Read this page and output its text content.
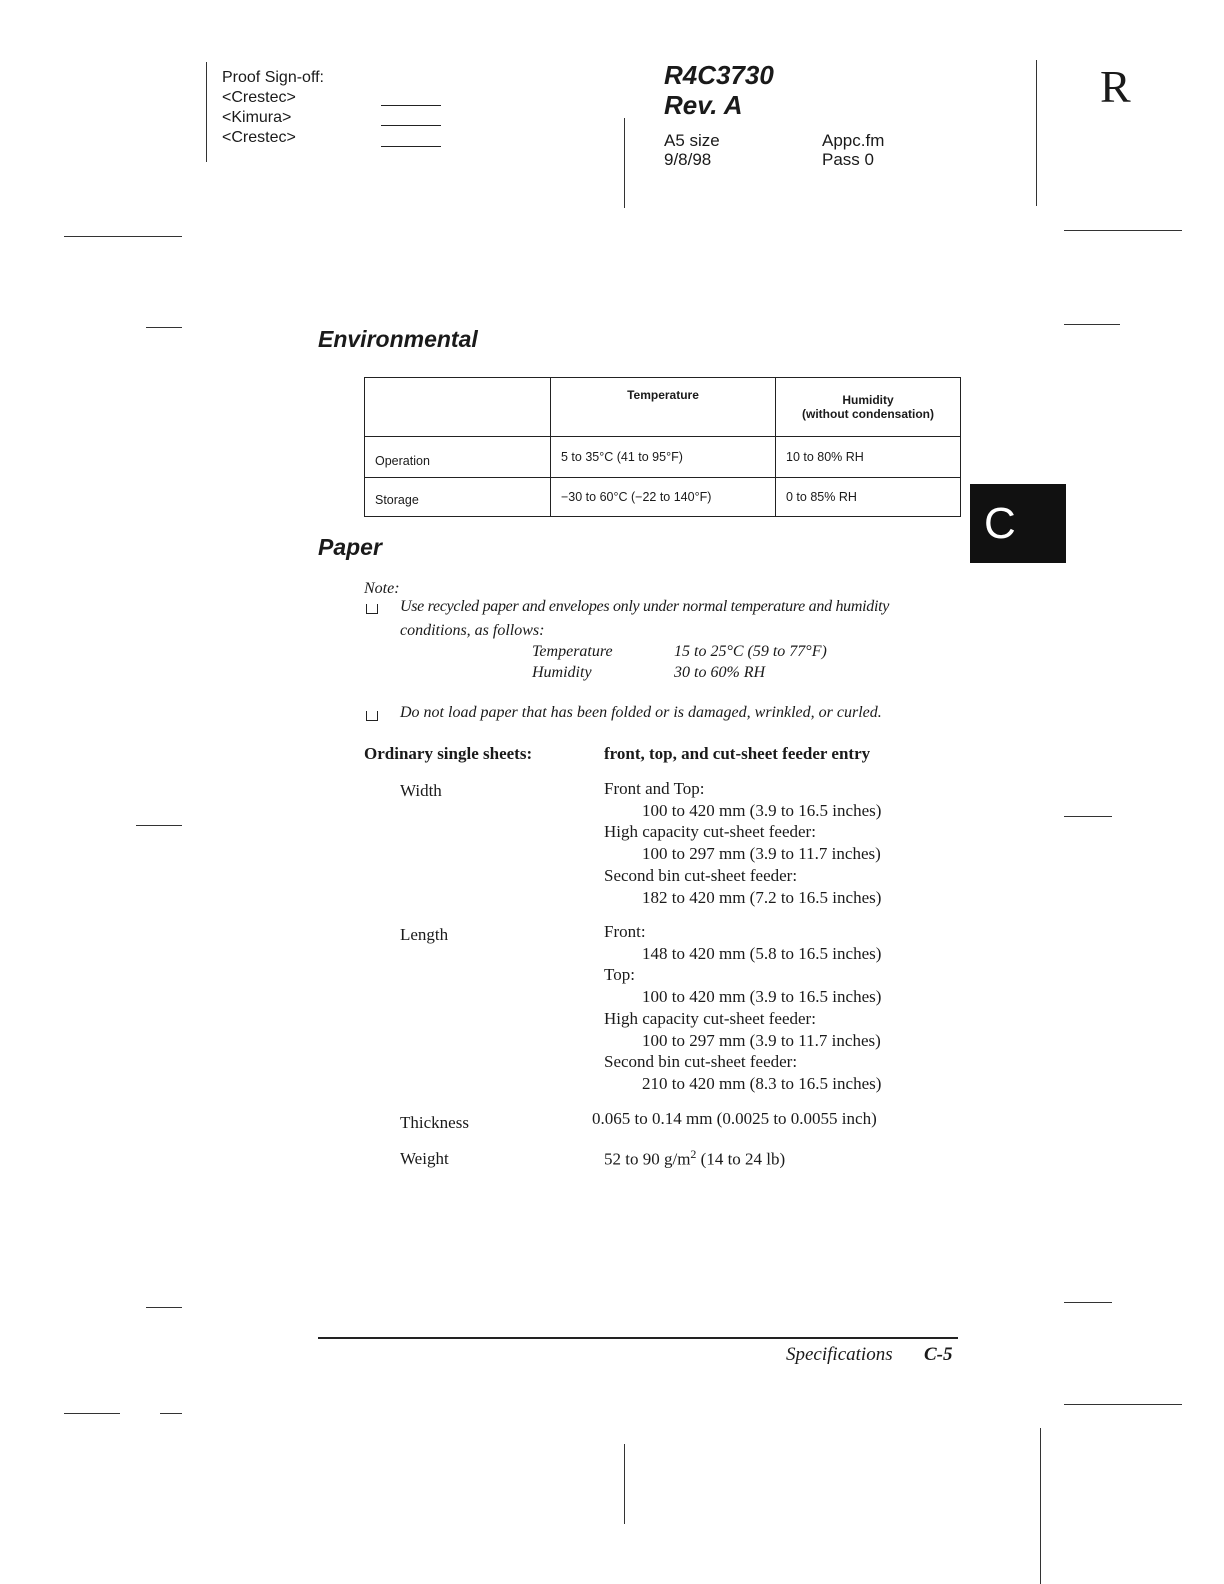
Proof Sign-off:
<Crestec>
<Kimura>
<Crestec>
R4C3730
Rev. A
A5 size
9/8/98
Appc.fm
Pass 0
R
Environmental
	Temperature	Humidity
(without condensation)

Operation	5 to 35°C (41 to 95°F)	10 to 80% RH
Storage	−30 to 60°C (−22 to 140°F)	0 to 85% RH
C
Paper
Note:
Use recycled paper and envelopes only under normal temperature and humidity
conditions, as follows:
Temperature	15 to 25°C (59 to 77°F)
Humidity	30 to 60% RH
Do not load paper that has been folded or is damaged, wrinkled, or curled.
Ordinary single sheets:	front, top, and cut-sheet feeder entry
Width	Front and Top:
100 to 420 mm (3.9 to 16.5 inches)
High capacity cut-sheet feeder:
100 to 297 mm (3.9 to 11.7 inches)
Second bin cut-sheet feeder:
182 to 420 mm (7.2 to 16.5 inches)
Length	Front:
148 to 420 mm (5.8 to 16.5 inches)
Top:
100 to 420 mm (3.9 to 16.5 inches)
High capacity cut-sheet feeder:
100 to 297 mm (3.9 to 11.7 inches)
Second bin cut-sheet feeder:
210 to 420 mm (8.3 to 16.5 inches)
Thickness	0.065 to 0.14 mm (0.0025 to 0.0055 inch)
Weight	52 to 90 $g/m^2$ (14 to 24 lb)
Specifications C-5
